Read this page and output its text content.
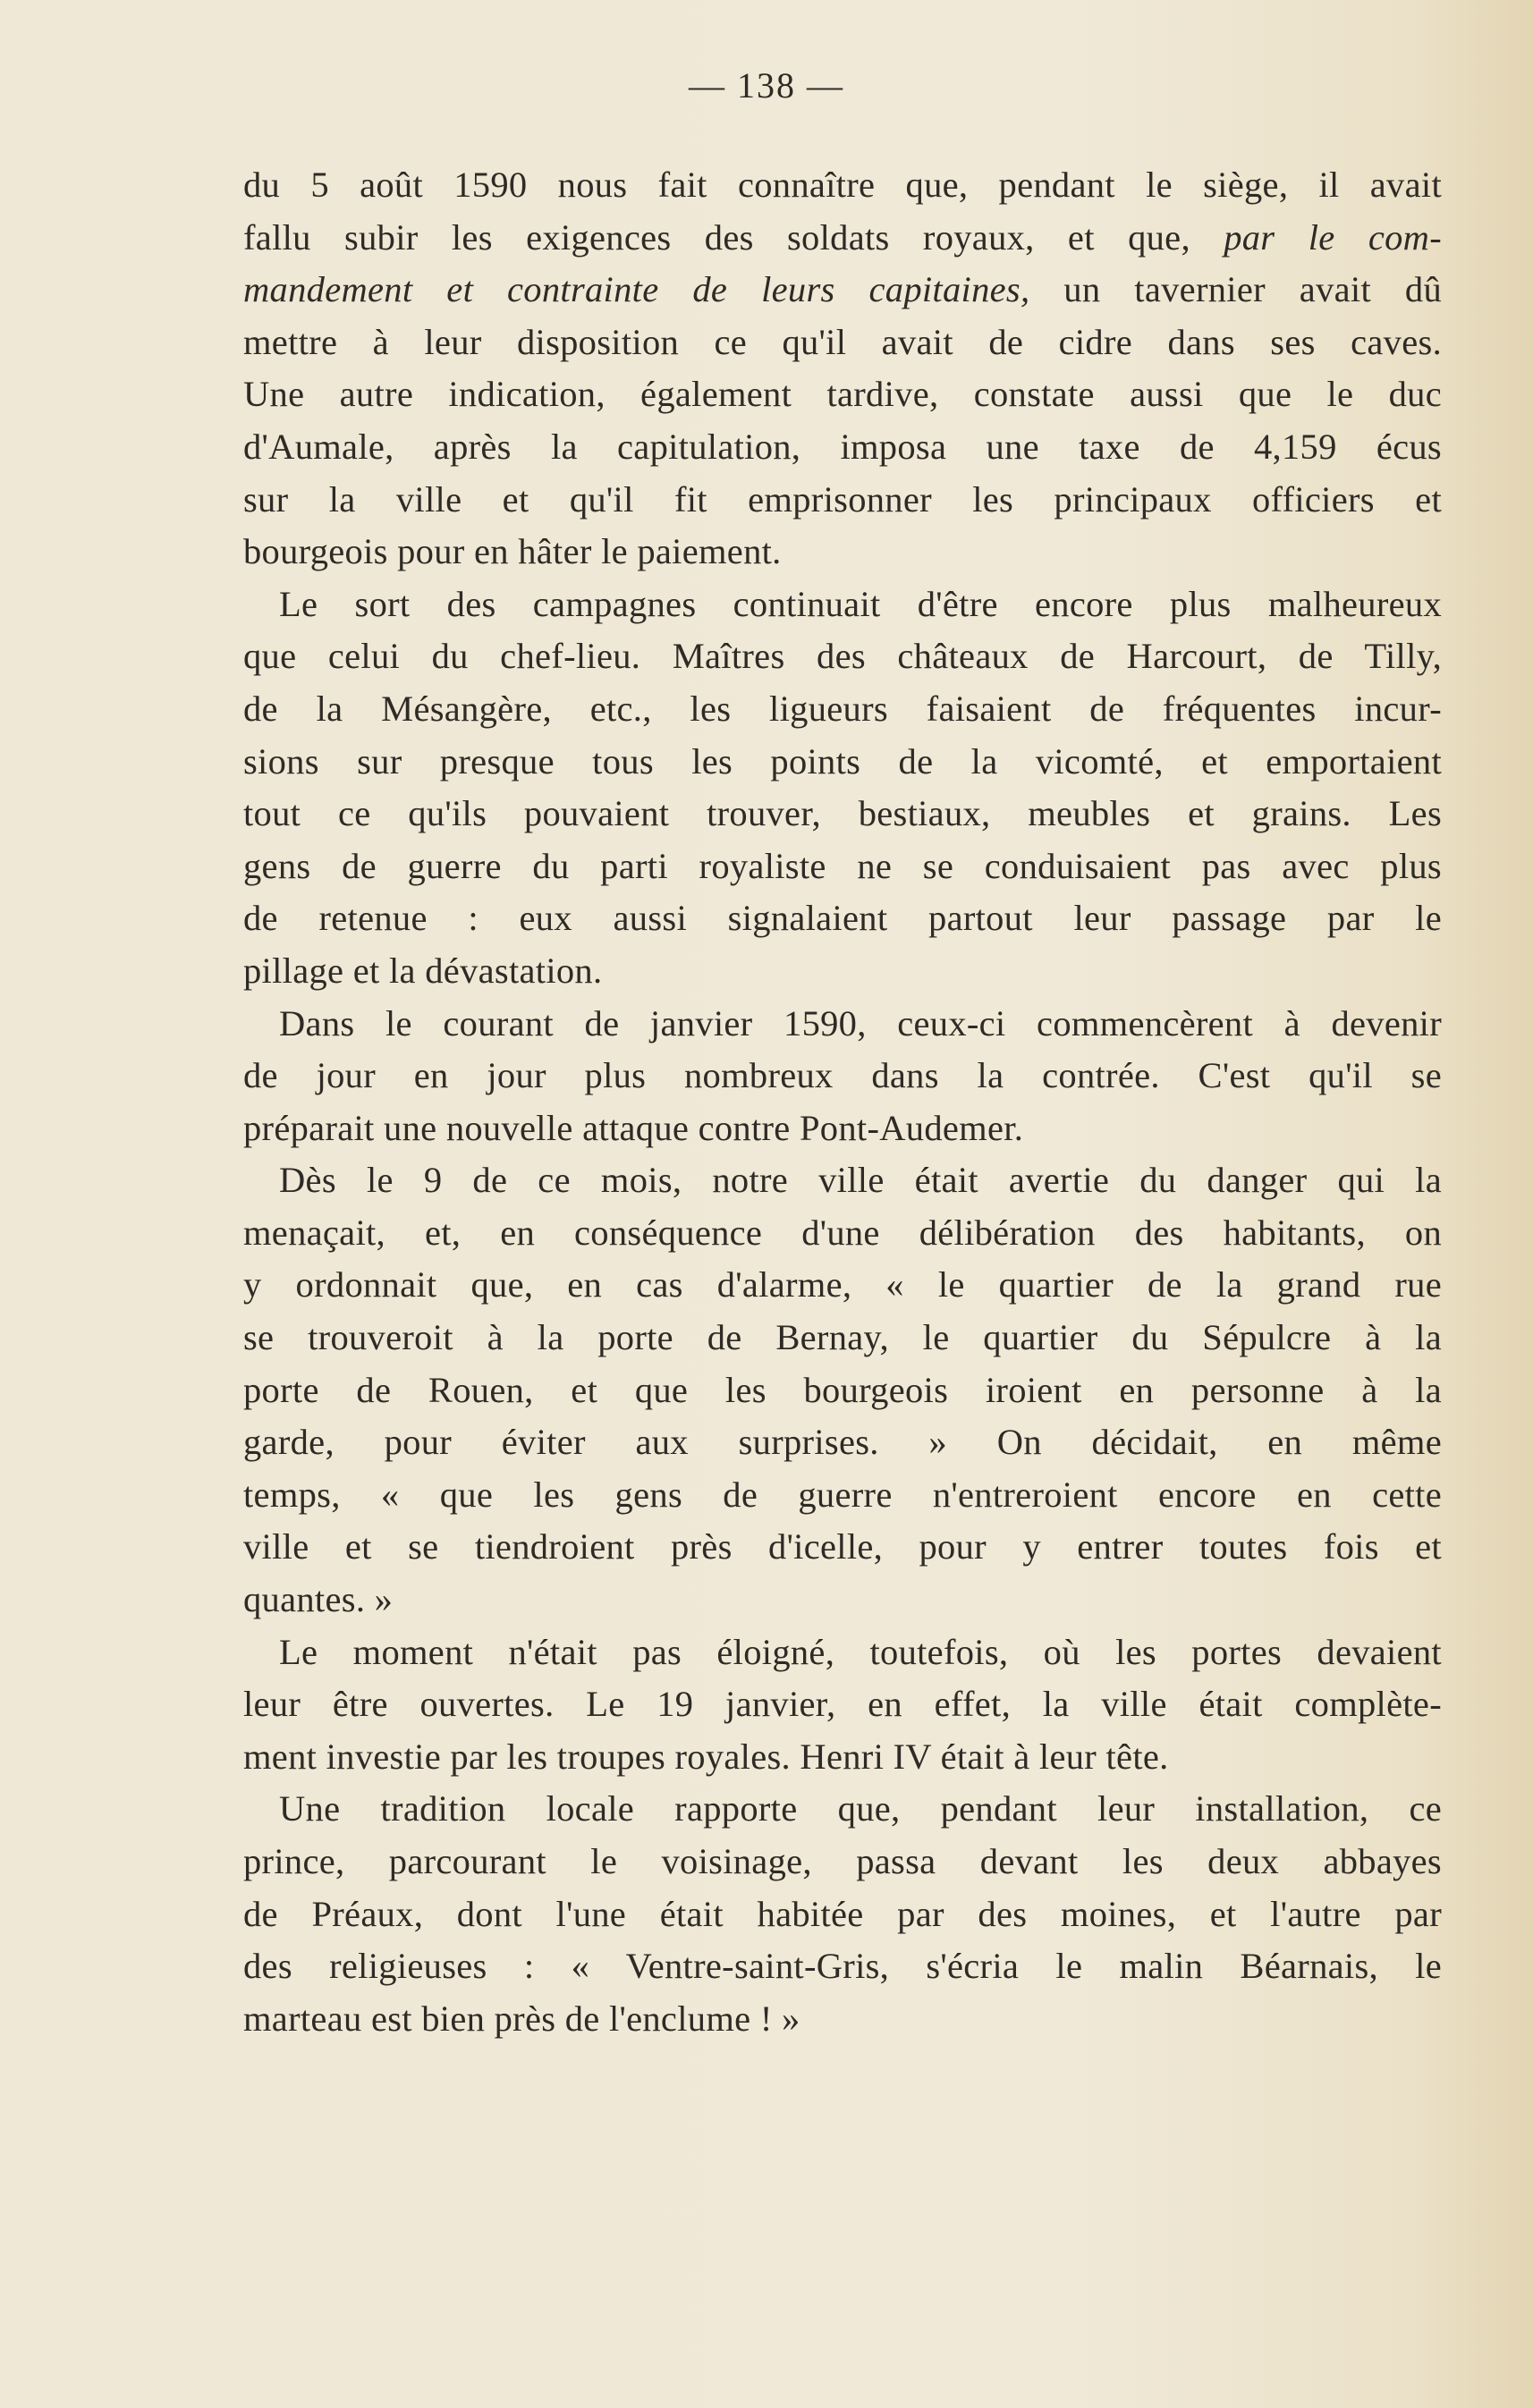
— 138 —
du 5 août 1590 nous fait connaître que, pendant le siège, il avait
fallu subir les exigences des soldats royaux, et que, par le com-
mandement et contrainte de leurs capitaines, un tavernier avait dû
mettre à leur disposition ce qu'il avait de cidre dans ses caves.
Une autre indication, également tardive, constate aussi que le duc
d'Aumale, après la capitulation, imposa une taxe de 4,159 écus
sur la ville et qu'il fit emprisonner les principaux officiers et
bourgeois pour en hâter le paiement.
Le sort des campagnes continuait d'être encore plus malheureux
que celui du chef-lieu. Maîtres des châteaux de Harcourt, de Tilly,
de la Mésangère, etc., les ligueurs faisaient de fréquentes incur-
sions sur presque tous les points de la vicomté, et emportaient
tout ce qu'ils pouvaient trouver, bestiaux, meubles et grains. Les
gens de guerre du parti royaliste ne se conduisaient pas avec plus
de retenue : eux aussi signalaient partout leur passage par le
pillage et la dévastation.
Dans le courant de janvier 1590, ceux-ci commencèrent à devenir
de jour en jour plus nombreux dans la contrée. C'est qu'il se
préparait une nouvelle attaque contre Pont-Audemer.
Dès le 9 de ce mois, notre ville était avertie du danger qui la
menaçait, et, en conséquence d'une délibération des habitants, on
y ordonnait que, en cas d'alarme, « le quartier de la grand rue
se trouveroit à la porte de Bernay, le quartier du Sépulcre à la
porte de Rouen, et que les bourgeois iroient en personne à la
garde, pour éviter aux surprises. » On décidait, en même
temps, « que les gens de guerre n'entreroient encore en cette
ville et se tiendroient près d'icelle, pour y entrer toutes fois et
quantes. »
Le moment n'était pas éloigné, toutefois, où les portes devaient
leur être ouvertes. Le 19 janvier, en effet, la ville était complète-
ment investie par les troupes royales. Henri IV était à leur tête.
Une tradition locale rapporte que, pendant leur installation, ce
prince, parcourant le voisinage, passa devant les deux abbayes
de Préaux, dont l'une était habitée par des moines, et l'autre par
des religieuses : « Ventre-saint-Gris, s'écria le malin Béarnais, le
marteau est bien près de l'enclume ! »
